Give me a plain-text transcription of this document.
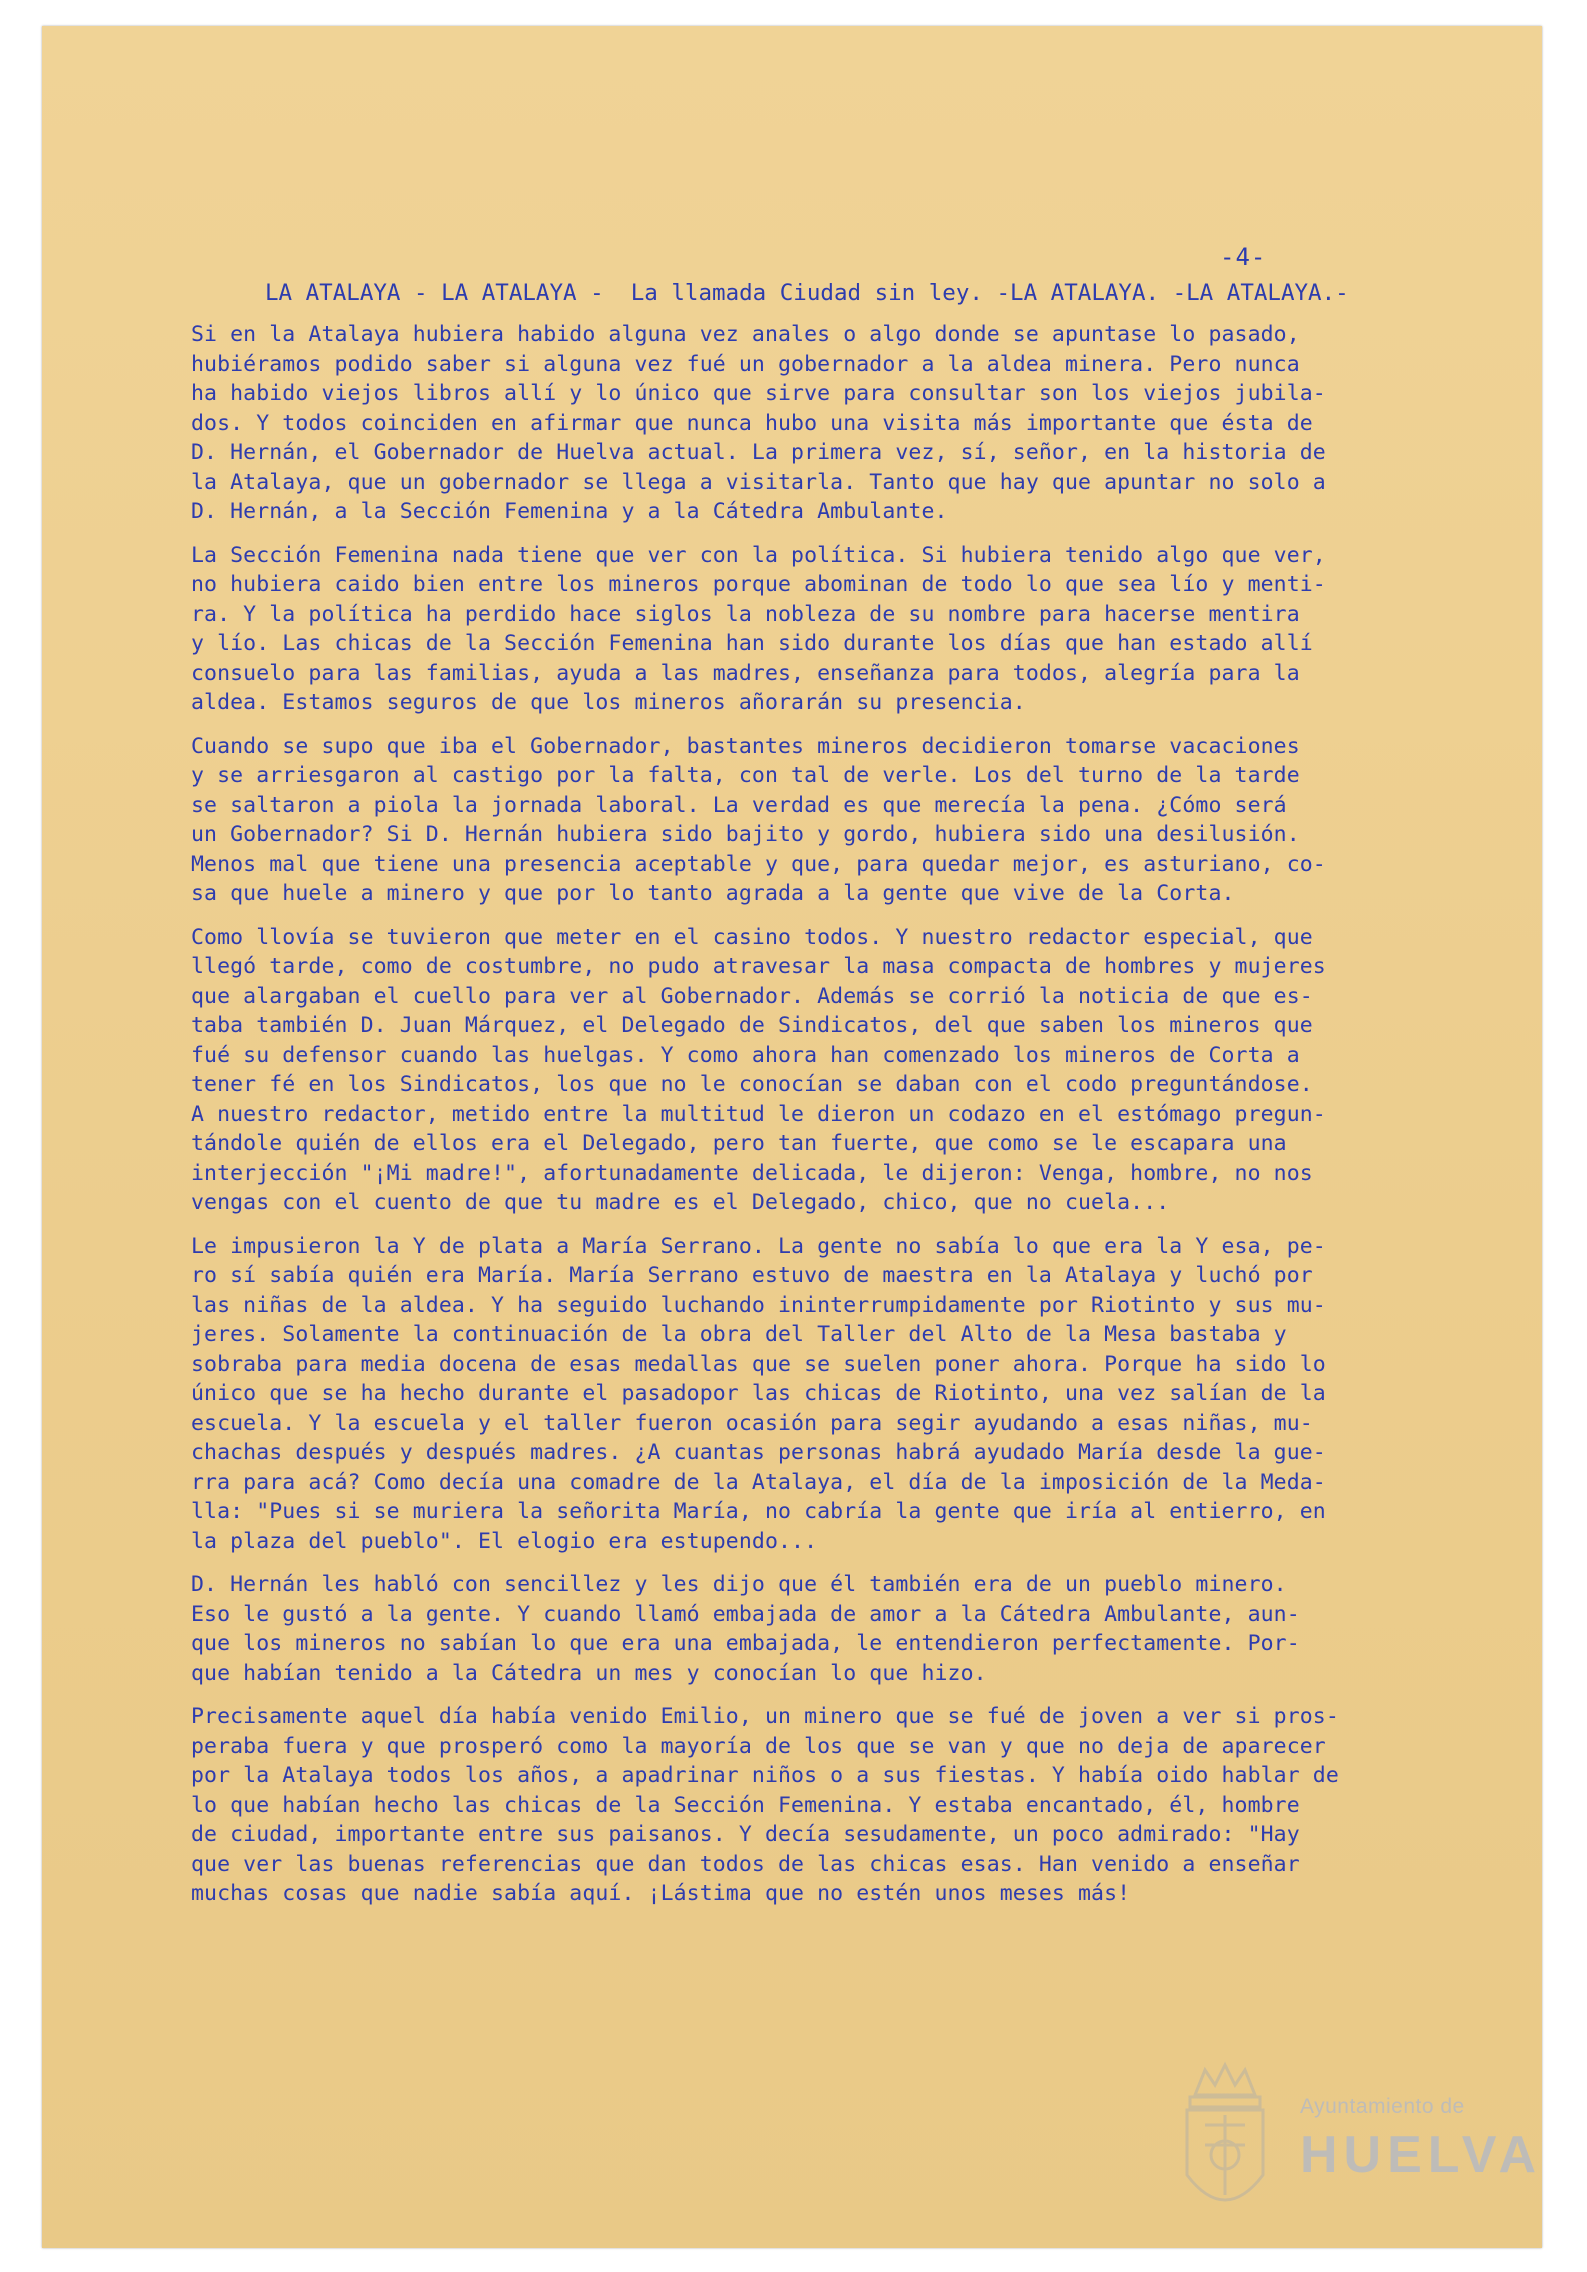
-4-
LA ATALAYA - LA ATALAYA -  La llamada Ciudad sin ley. -LA ATALAYA. -LA ATALAYA.-
Si en la Atalaya hubiera habido alguna vez anales o algo donde se apuntase lo pasado,
hubiéramos podido saber si alguna vez fué un gobernador a la aldea minera. Pero nunca
ha habido viejos libros allí y lo único que sirve para consultar son los viejos jubila-
dos. Y todos coinciden en afirmar que nunca hubo una visita más importante que ésta de
D. Hernán, el Gobernador de Huelva actual. La primera vez, sí, señor, en la historia de
la Atalaya, que un gobernador se llega a visitarla. Tanto que hay que apuntar no solo a
D. Hernán, a la Sección Femenina y a la Cátedra Ambulante.
La Sección Femenina nada tiene que ver con la política. Si hubiera tenido algo que ver,
no hubiera caido bien entre los mineros porque abominan de todo lo que sea lío y menti-
ra. Y la política ha perdido hace siglos la nobleza de su nombre para hacerse mentira
y lío. Las chicas de la Sección Femenina han sido durante los días que han estado allí
consuelo para las familias, ayuda a las madres, enseñanza para todos, alegría para la
aldea. Estamos seguros de que los mineros añorarán su presencia.
Cuando se supo que iba el Gobernador, bastantes mineros decidieron tomarse vacaciones
y se arriesgaron al castigo por la falta, con tal de verle. Los del turno de la tarde
se saltaron a piola la jornada laboral. La verdad es que merecía la pena. ¿Cómo será
un Gobernador? Si D. Hernán hubiera sido bajito y gordo, hubiera sido una desilusión.
Menos mal que tiene una presencia aceptable y que, para quedar mejor, es asturiano, co-
sa que huele a minero y que por lo tanto agrada a la gente que vive de la Corta.
Como llovía se tuvieron que meter en el casino todos. Y nuestro redactor especial, que
llegó tarde, como de costumbre, no pudo atravesar la masa compacta de hombres y mujeres
que alargaban el cuello para ver al Gobernador. Además se corrió la noticia de que es-
taba también D. Juan Márquez, el Delegado de Sindicatos, del que saben los mineros que
fué su defensor cuando las huelgas. Y como ahora han comenzado los mineros de Corta a
tener fé en los Sindicatos, los que no le conocían se daban con el codo preguntándose.
A nuestro redactor, metido entre la multitud le dieron un codazo en el estómago pregun-
tándole quién de ellos era el Delegado, pero tan fuerte, que como se le escapara una
interjección "¡Mi madre!", afortunadamente delicada, le dijeron: Venga, hombre, no nos
vengas con el cuento de que tu madre es el Delegado, chico, que no cuela...
Le impusieron la Y de plata a María Serrano. La gente no sabía lo que era la Y esa, pe-
ro sí sabía quién era María. María Serrano estuvo de maestra en la Atalaya y luchó por
las niñas de la aldea. Y ha seguido luchando ininterrumpidamente por Riotinto y sus mu-
jeres. Solamente la continuación de la obra del Taller del Alto de la Mesa bastaba y
sobraba para media docena de esas medallas que se suelen poner ahora. Porque ha sido lo
único que se ha hecho durante el pasadopor las chicas de Riotinto, una vez salían de la
escuela. Y la escuela y el taller fueron ocasión para segir ayudando a esas niñas, mu-
chachas después y después madres. ¿A cuantas personas habrá ayudado María desde la gue-
rra para acá? Como decía una comadre de la Atalaya, el día de la imposición de la Meda-
lla: "Pues si se muriera la señorita María, no cabría la gente que iría al entierro, en
la plaza del pueblo". El elogio era estupendo...
D. Hernán les habló con sencillez y les dijo que él también era de un pueblo minero.
Eso le gustó a la gente. Y cuando llamó embajada de amor a la Cátedra Ambulante, aun-
que los mineros no sabían lo que era una embajada, le entendieron perfectamente. Por-
que habían tenido a la Cátedra un mes y conocían lo que hizo.
Precisamente aquel día había venido Emilio, un minero que se fué de joven a ver si pros-
peraba fuera y que prosperó como la mayoría de los que se van y que no deja de aparecer
por la Atalaya todos los años, a apadrinar niños o a sus fiestas. Y había oido hablar de
lo que habían hecho las chicas de la Sección Femenina. Y estaba encantado, él, hombre
de ciudad, importante entre sus paisanos. Y decía sesudamente, un poco admirado: "Hay
que ver las buenas referencias que dan todos de las chicas esas. Han venido a enseñar
muchas cosas que nadie sabía aquí. ¡Lástima que no estén unos meses más!
Ayuntamiento de
HUELVA
